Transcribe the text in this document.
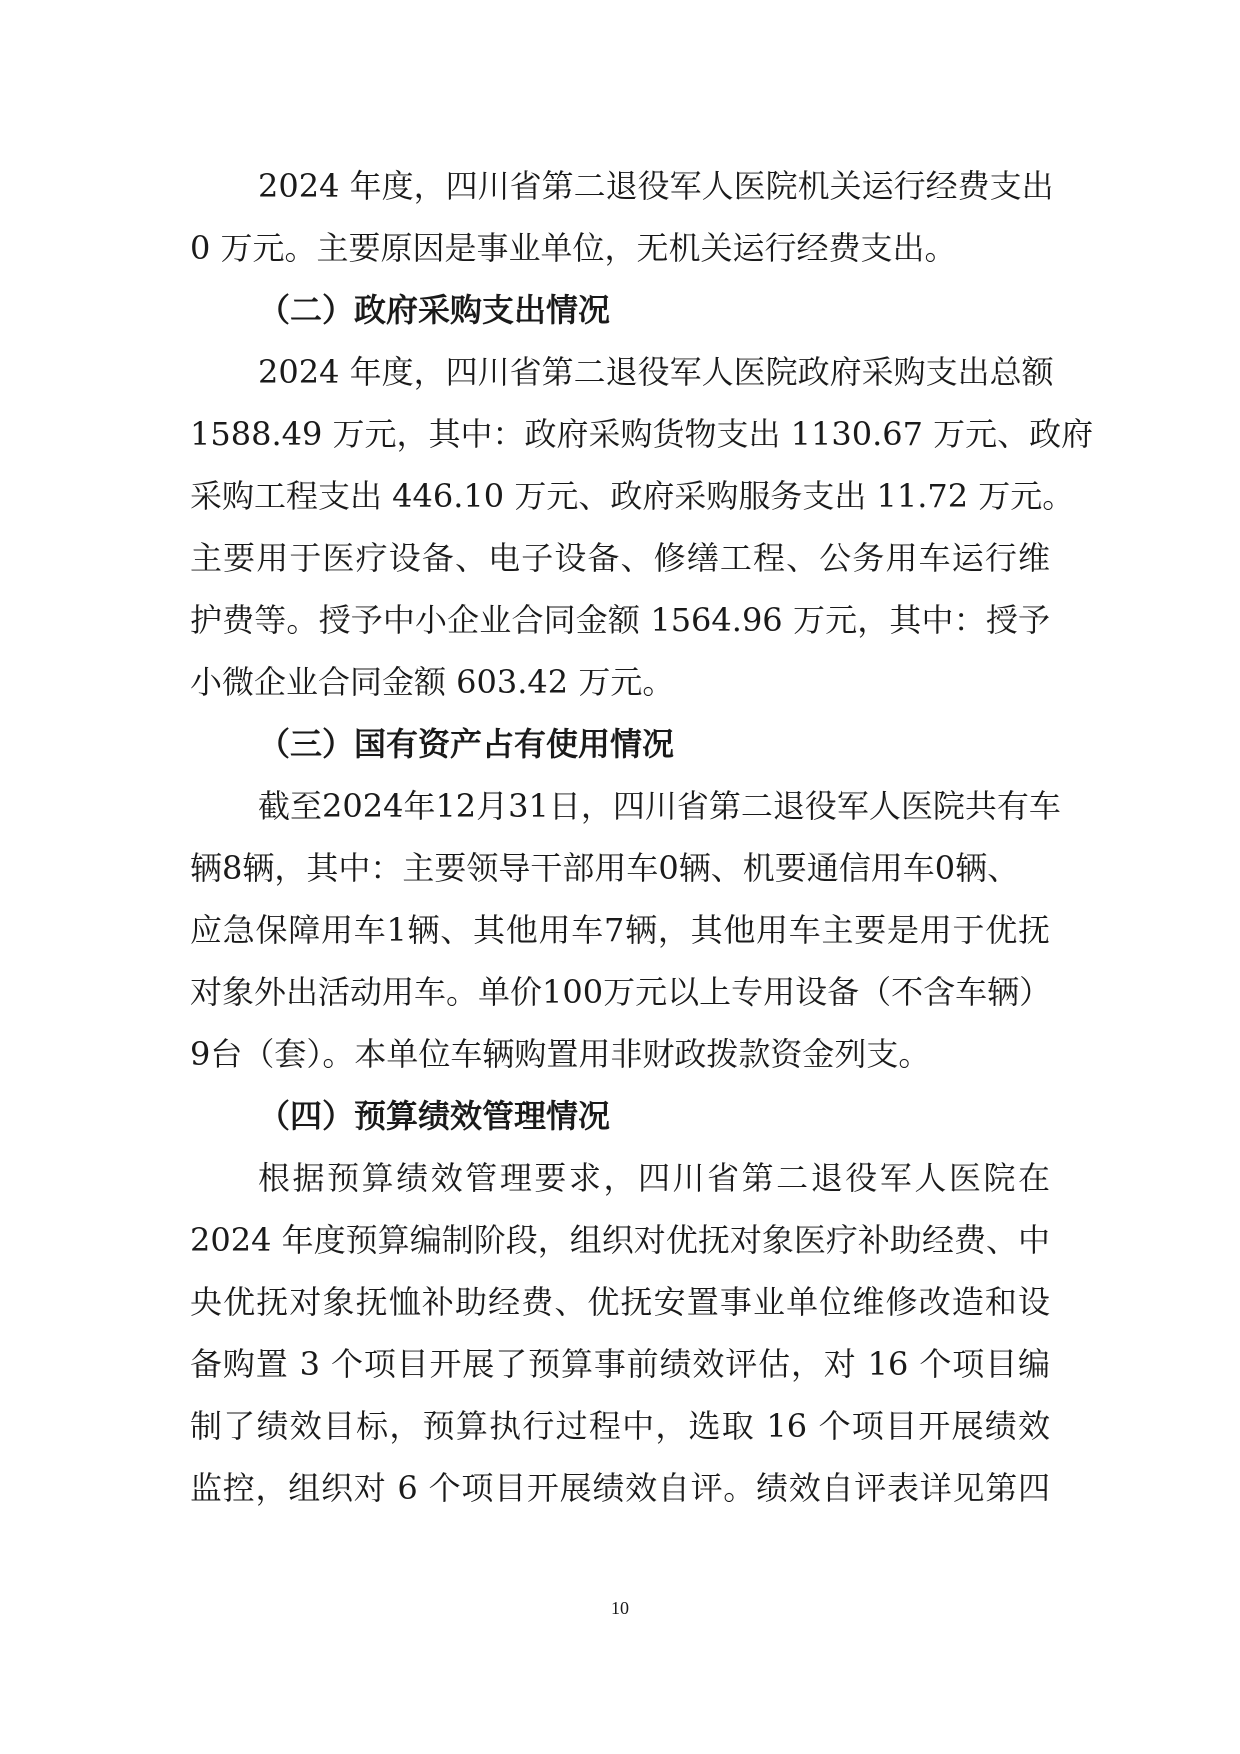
2024 年度，四川省第二退役军人医院机关运行经费支出
0 万元。主要原因是事业单位，无机关运行经费支出。
（二）政府采购支出情况
2024 年度，四川省第二退役军人医院政府采购支出总额
1588.49 万元，其中：政府采购货物支出 1130.67 万元、政府
采购工程支出 446.10 万元、政府采购服务支出 11.72 万元。
主要用于医疗设备、电子设备、修缮工程、公务用车运行维
护费等。授予中小企业合同金额 1564.96 万元，其中：授予
小微企业合同金额 603.42 万元。
（三）国有资产占有使用情况
截至2024年12月31日，四川省第二退役军人医院共有车
辆8辆，其中：主要领导干部用车0辆、机要通信用车0辆、
应急保障用车1辆、其他用车7辆，其他用车主要是用于优抚
对象外出活动用车。单价100万元以上专用设备（不含车辆）
9台（套）。本单位车辆购置用非财政拨款资金列支。
（四）预算绩效管理情况
根据预算绩效管理要求，四川省第二退役军人医院在
2024 年度预算编制阶段，组织对优抚对象医疗补助经费、中
央优抚对象抚恤补助经费、优抚安置事业单位维修改造和设
备购置 3 个项目开展了预算事前绩效评估，对 16 个项目编
制了绩效目标，预算执行过程中，选取 16 个项目开展绩效
监控，组织对 6 个项目开展绩效自评。绩效自评表详见第四
10
